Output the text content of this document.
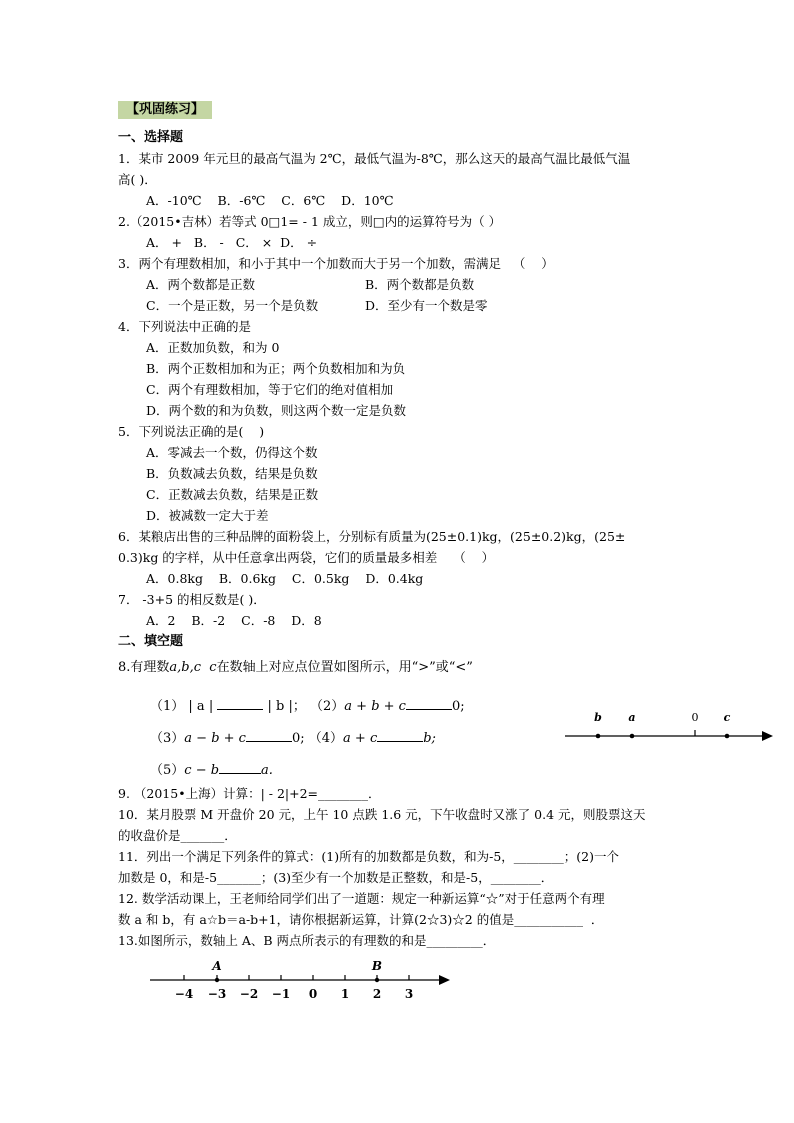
【巩固练习】
一、选择题
1．某市 2009 年元旦的最高气温为 2℃，最低气温为-8℃，那么这天的最高气温比最低气温
高( )．
A．-10℃    B．-6℃    C．6℃    D．10℃
2.（2015•吉林）若等式 0□1= - 1 成立，则□内的运算符号为（ ）
A． +   B． -   C． ×  D． ÷
3．两个有理数相加，和小于其中一个加数而大于另一个加数，需满足   （    ）
A．两个数都是正数	B．两个数都是负数
C．一个是正数，另一个是负数	D．至少有一个数是零
4．下列说法中正确的是
A．正数加负数，和为 0
B．两个正数相加和为正；两个负数相加和为负
C．两个有理数相加，等于它们的绝对值相加
D．两个数的和为负数，则这两个数一定是负数
5．下列说法正确的是(    )
A．零减去一个数，仍得这个数
B．负数减去负数，结果是负数
C．正数减去负数，结果是正数
D．被减数一定大于差
6．某粮店出售的三种品牌的面粉袋上，分别标有质量为(25±0.1)kg，(25±0.2)kg，(25±
0.3)kg 的字样，从中任意拿出两袋，它们的质量最多相差    （    ）
A．0.8kg    B．0.6kg    C．0.5kg    D．0.4kg
7． -3+5 的相反数是( )．
A．2    B．-2    C．-8    D．8
二、填空题
8.有理数a,b,c c在数轴上对应点位置如图所示，用“>”或“<”
（1） | a |	| b |； （2）a + b + c	0;
（3）a − b + c	0; （4）a + c	b;
（5）c − b	a.
b a	0 c
9. （2015•上海）计算：| - 2|+2=________．
10．某月股票 M 开盘价 20 元，上午 10 点跌 1.6 元，下午收盘时又涨了 0.4 元，则股票这天
的收盘价是_______．
11．列出一个满足下列条件的算式：(1)所有的加数都是负数，和为-5，________；(2)一个
加数是 0，和是-5_______；(3)至少有一个加数是正整数，和是-5，________．
12. 数学活动课上，王老师给同学们出了一道题：规定一种新运算“☆”对于任意两个有理
数 a 和 b，有 a☆b＝a-b+1，请你根据新运算，计算(2☆3)☆2 的值是___________  ．
13.如图所示，数轴上 A、B 两点所表示的有理数的和是_________．
A	B
−4 −3 −2 −1 0 1 2 3
